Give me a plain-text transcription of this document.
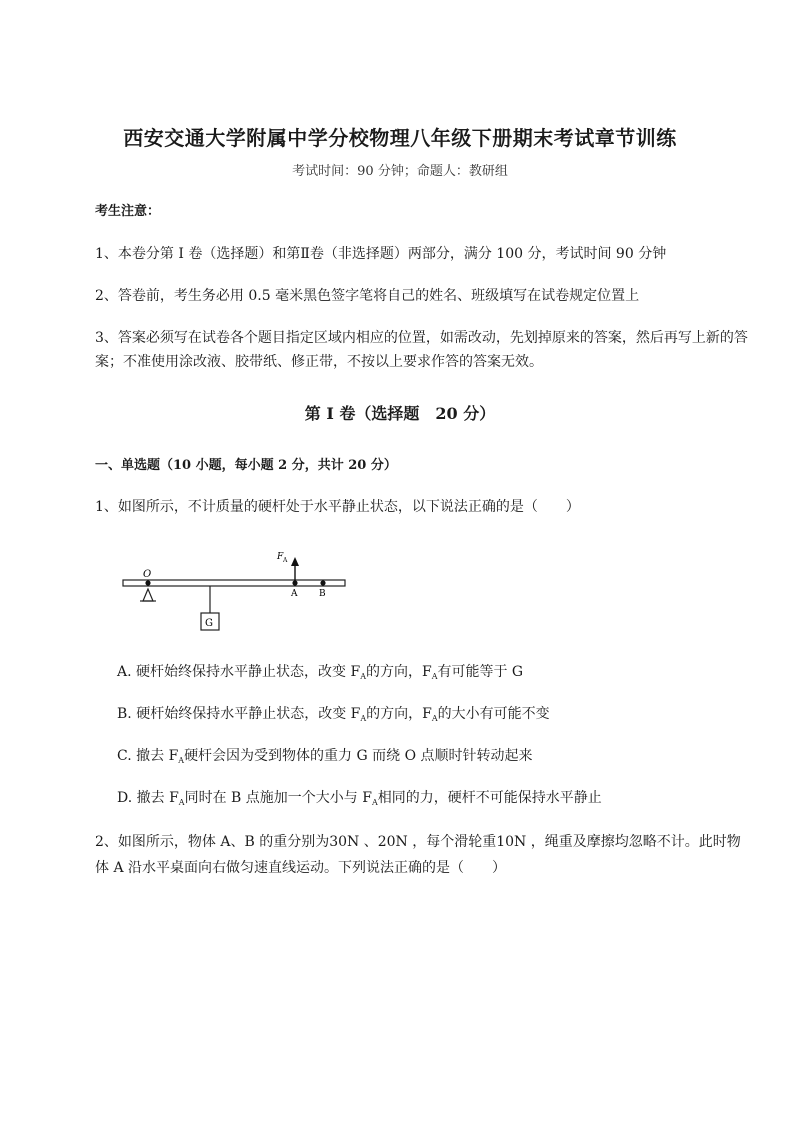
西安交通大学附属中学分校物理八年级下册期末考试章节训练
考试时间：90 分钟；命题人：教研组
考生注意：
1、本卷分第 I 卷（选择题）和第Ⅱ卷（非选择题）两部分，满分 100 分，考试时间 90 分钟
2、答卷前，考生务必用 0.5 毫米黑色签字笔将自己的姓名、班级填写在试卷规定位置上
3、答案必须写在试卷各个题目指定区域内相应的位置，如需改动，先划掉原来的答案，然后再写上新的答案；不准使用涂改液、胶带纸、修正带，不按以上要求作答的答案无效。
第 I 卷（选择题　20 分）
一、单选题（10 小题，每小题 2 分，共计 20 分）
1、如图所示，不计质量的硬杆处于水平静止状态，以下说法正确的是（　　）
O
G
F A
A B
A. 硬杆始终保持水平静止状态，改变 $F_A$的方向，$F_A$有可能等于 G
B. 硬杆始终保持水平静止状态，改变 $F_A$的方向，$F_A$的大小有可能不变
C. 撤去 $F_A$硬杆会因为受到物体的重力 G 而绕 O 点顺时针转动起来
D. 撤去 $F_A$同时在 B 点施加一个大小与 $F_A$相同的力，硬杆不可能保持水平静止
2、如图所示，物体 A、B 的重分别为30N 、20N ，每个滑轮重10N ，绳重及摩擦均忽略不计。此时物体 A 沿水平桌面向右做匀速直线运动。下列说法正确的是（　　）
